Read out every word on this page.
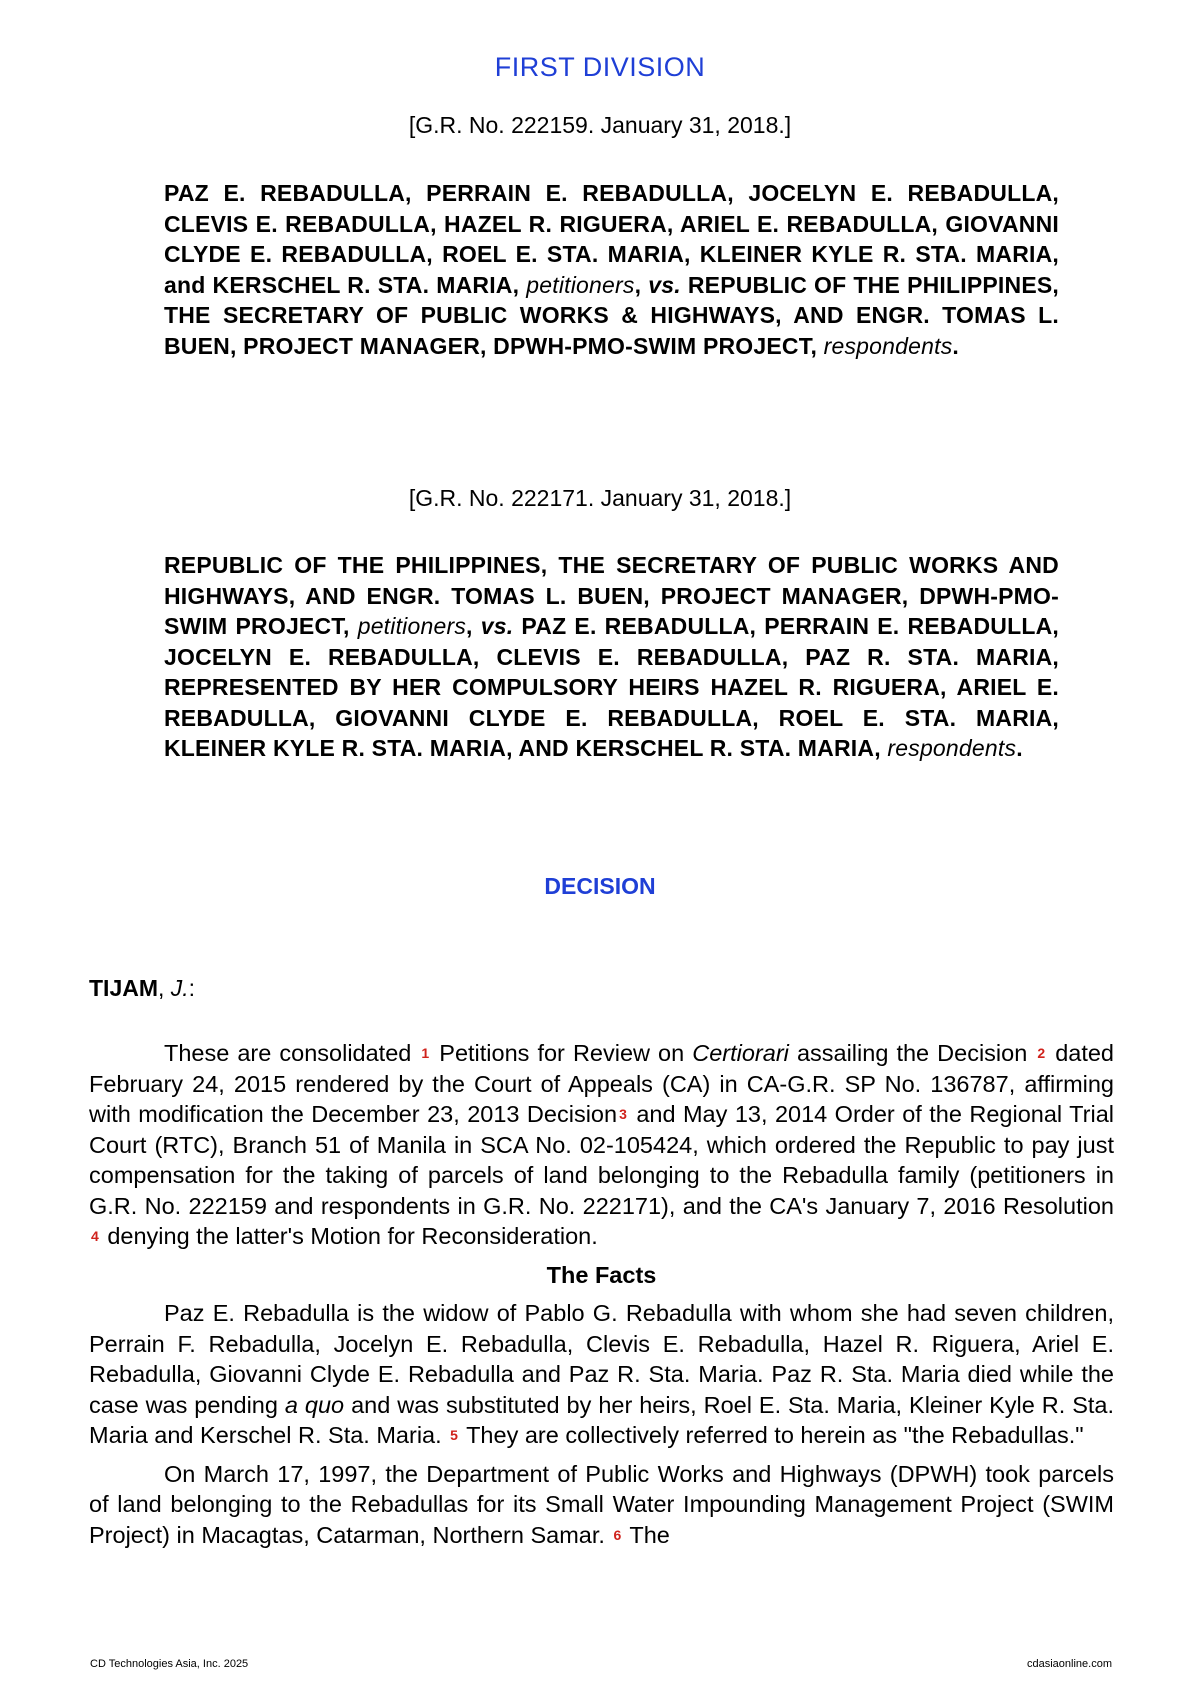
FIRST DIVISION
[G.R. No. 222159. January 31, 2018.]
PAZ E. REBADULLA, PERRAIN E. REBADULLA, JOCELYN E. REBADULLA, CLEVIS E. REBADULLA, HAZEL R. RIGUERA, ARIEL E. REBADULLA, GIOVANNI CLYDE E. REBADULLA, ROEL E. STA. MARIA, KLEINER KYLE R. STA. MARIA, and KERSCHEL R. STA. MARIA, petitioners, vs. REPUBLIC OF THE PHILIPPINES, THE SECRETARY OF PUBLIC WORKS & HIGHWAYS, AND ENGR. TOMAS L. BUEN, PROJECT MANAGER, DPWH-PMO-SWIM PROJECT, respondents.
[G.R. No. 222171. January 31, 2018.]
REPUBLIC OF THE PHILIPPINES, THE SECRETARY OF PUBLIC WORKS AND HIGHWAYS, AND ENGR. TOMAS L. BUEN, PROJECT MANAGER, DPWH-PMO-SWIM PROJECT, petitioners, vs. PAZ E. REBADULLA, PERRAIN E. REBADULLA, JOCELYN E. REBADULLA, CLEVIS E. REBADULLA, PAZ R. STA. MARIA, REPRESENTED BY HER COMPULSORY HEIRS HAZEL R. RIGUERA, ARIEL E. REBADULLA, GIOVANNI CLYDE E. REBADULLA, ROEL E. STA. MARIA, KLEINER KYLE R. STA. MARIA, AND KERSCHEL R. STA. MARIA, respondents.
DECISION
TIJAM, J.:

These are consolidated 1 Petitions for Review on Certiorari assailing the Decision 2 dated February 24, 2015 rendered by the Court of Appeals (CA) in CA-G.R. SP No. 136787, affirming with modification the December 23, 2013 Decision 3 and May 13, 2014 Order of the Regional Trial Court (RTC), Branch 51 of Manila in SCA No. 02-105424, which ordered the Republic to pay just compensation for the taking of parcels of land belonging to the Rebadulla family (petitioners in G.R. No. 222159 and respondents in G.R. No. 222171), and the CA's January 7, 2016 Resolution 4 denying the latter's Motion for Reconsideration.

The Facts

Paz E. Rebadulla is the widow of Pablo G. Rebadulla with whom she had seven children, Perrain F. Rebadulla, Jocelyn E. Rebadulla, Clevis E. Rebadulla, Hazel R. Riguera, Ariel E. Rebadulla, Giovanni Clyde E. Rebadulla and Paz R. Sta. Maria. Paz R. Sta. Maria died while the case was pending a quo and was substituted by her heirs, Roel E. Sta. Maria, Kleiner Kyle R. Sta. Maria and Kerschel R. Sta. Maria. 5 They are collectively referred to herein as "the Rebadullas."

On March 17, 1997, the Department of Public Works and Highways (DPWH) took parcels of land belonging to the Rebadullas for its Small Water Impounding Management Project (SWIM Project) in Macagtas, Catarman, Northern Samar. 6 The

CD Technologies Asia, Inc. 2025	cdasiaonline.com
